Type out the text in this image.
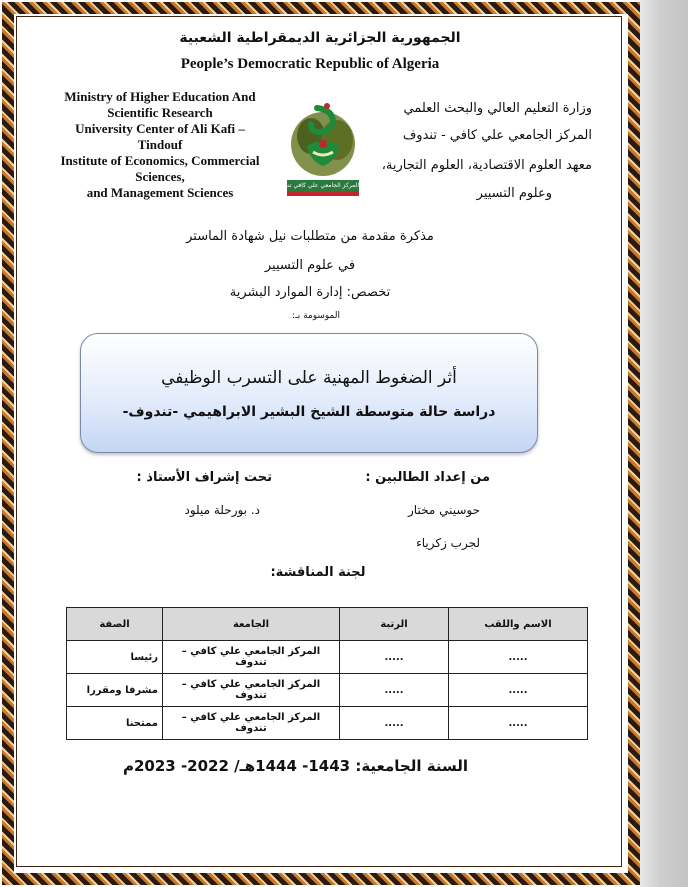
الجمهورية الجزائرية الديمقراطية الشعبية
People’s Democratic Republic of Algeria
Ministry of Higher Education And
Scientific Research
University Center of Ali Kafi –
Tindouf
Institute of Economics, Commercial
Sciences,
and Management Sciences	المركز الجامعي علي كافي تندوف
وزارة التعليم العالي والبحث العلمي
المركز الجامعي علي كافي - تندوف
معهد العلوم الاقتصادية، العلوم التجارية،
وعلوم التسيير
مذكرة مقدمة من متطلبات نيل شهادة الماستر
في علوم التسيير
تخصص: إدارة الموارد البشرية
الموسومة بـ:
أثر الضغوط المهنية على التسرب الوظيفي
دراسة حالة متوسطة الشيخ البشير الابراهيمي -تندوف-
من إعداد الطالبين :
تحت إشراف الأستاذ :
حوسيني مختار
د. بورحلة ميلود
لجرب زكرياء
لجنة المناقشة:
الاسم واللقب	الرتبة	الجامعة	الصفة
.....	.....	المركز الجامعي علي كافي – تندوف	رئيسا
.....	.....	المركز الجامعي علي كافي – تندوف	مشرفا ومقررا
.....	.....	المركز الجامعي علي كافي – تندوف	ممتحنا
السنة الجامعية: 1443- 1444هـ/ 2022- 2023م
